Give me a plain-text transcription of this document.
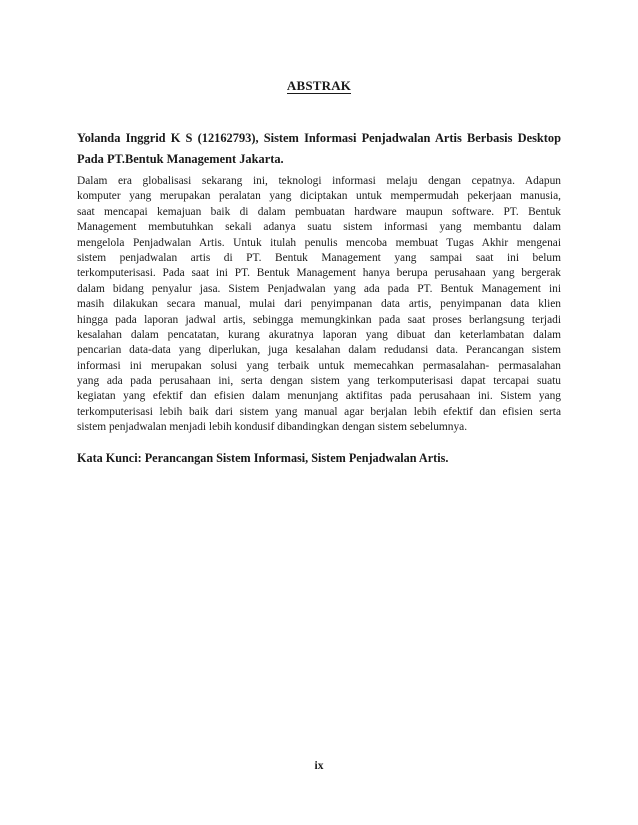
ABSTRAK
Yolanda Inggrid K S (12162793), Sistem Informasi Penjadwalan Artis Berbasis Desktop
Pada PT.Bentuk Management Jakarta.
Dalam era globalisasi sekarang ini, teknologi informasi melaju dengan cepatnya. Adapun
komputer yang merupakan peralatan yang diciptakan untuk mempermudah pekerjaan manusia,
saat mencapai kemajuan baik di dalam pembuatan hardware maupun software. PT. Bentuk
Management membutuhkan sekali adanya suatu sistem informasi yang membantu dalam
mengelola Penjadwalan Artis. Untuk itulah penulis mencoba membuat Tugas Akhir mengenai
sistem penjadwalan artis di PT. Bentuk Management yang sampai saat ini belum
terkomputerisasi. Pada saat ini PT. Bentuk Management hanya berupa perusahaan yang bergerak
dalam bidang penyalur jasa. Sistem Penjadwalan yang ada pada PT. Bentuk Management ini
masih dilakukan secara manual, mulai dari penyimpanan data artis, penyimpanan data klien
hingga pada laporan jadwal artis, sebingga memungkinkan pada saat proses berlangsung terjadi
kesalahan dalam pencatatan, kurang akuratnya laporan yang dibuat dan keterlambatan dalam
pencarian data-data yang diperlukan, juga kesalahan dalam redudansi data. Perancangan sistem
informasi ini merupakan solusi yang terbaik untuk memecahkan permasalahan- permasalahan
yang ada pada perusahaan ini, serta dengan sistem yang terkomputerisasi dapat tercapai suatu
kegiatan yang efektif dan efisien dalam menunjang aktifitas pada perusahaan ini. Sistem yang
terkomputerisasi lebih baik dari sistem yang manual agar berjalan lebih efektif dan efisien serta
sistem penjadwalan menjadi lebih kondusif dibandingkan dengan sistem sebelumnya.
Kata Kunci: Perancangan Sistem Informasi, Sistem Penjadwalan Artis.
ix
